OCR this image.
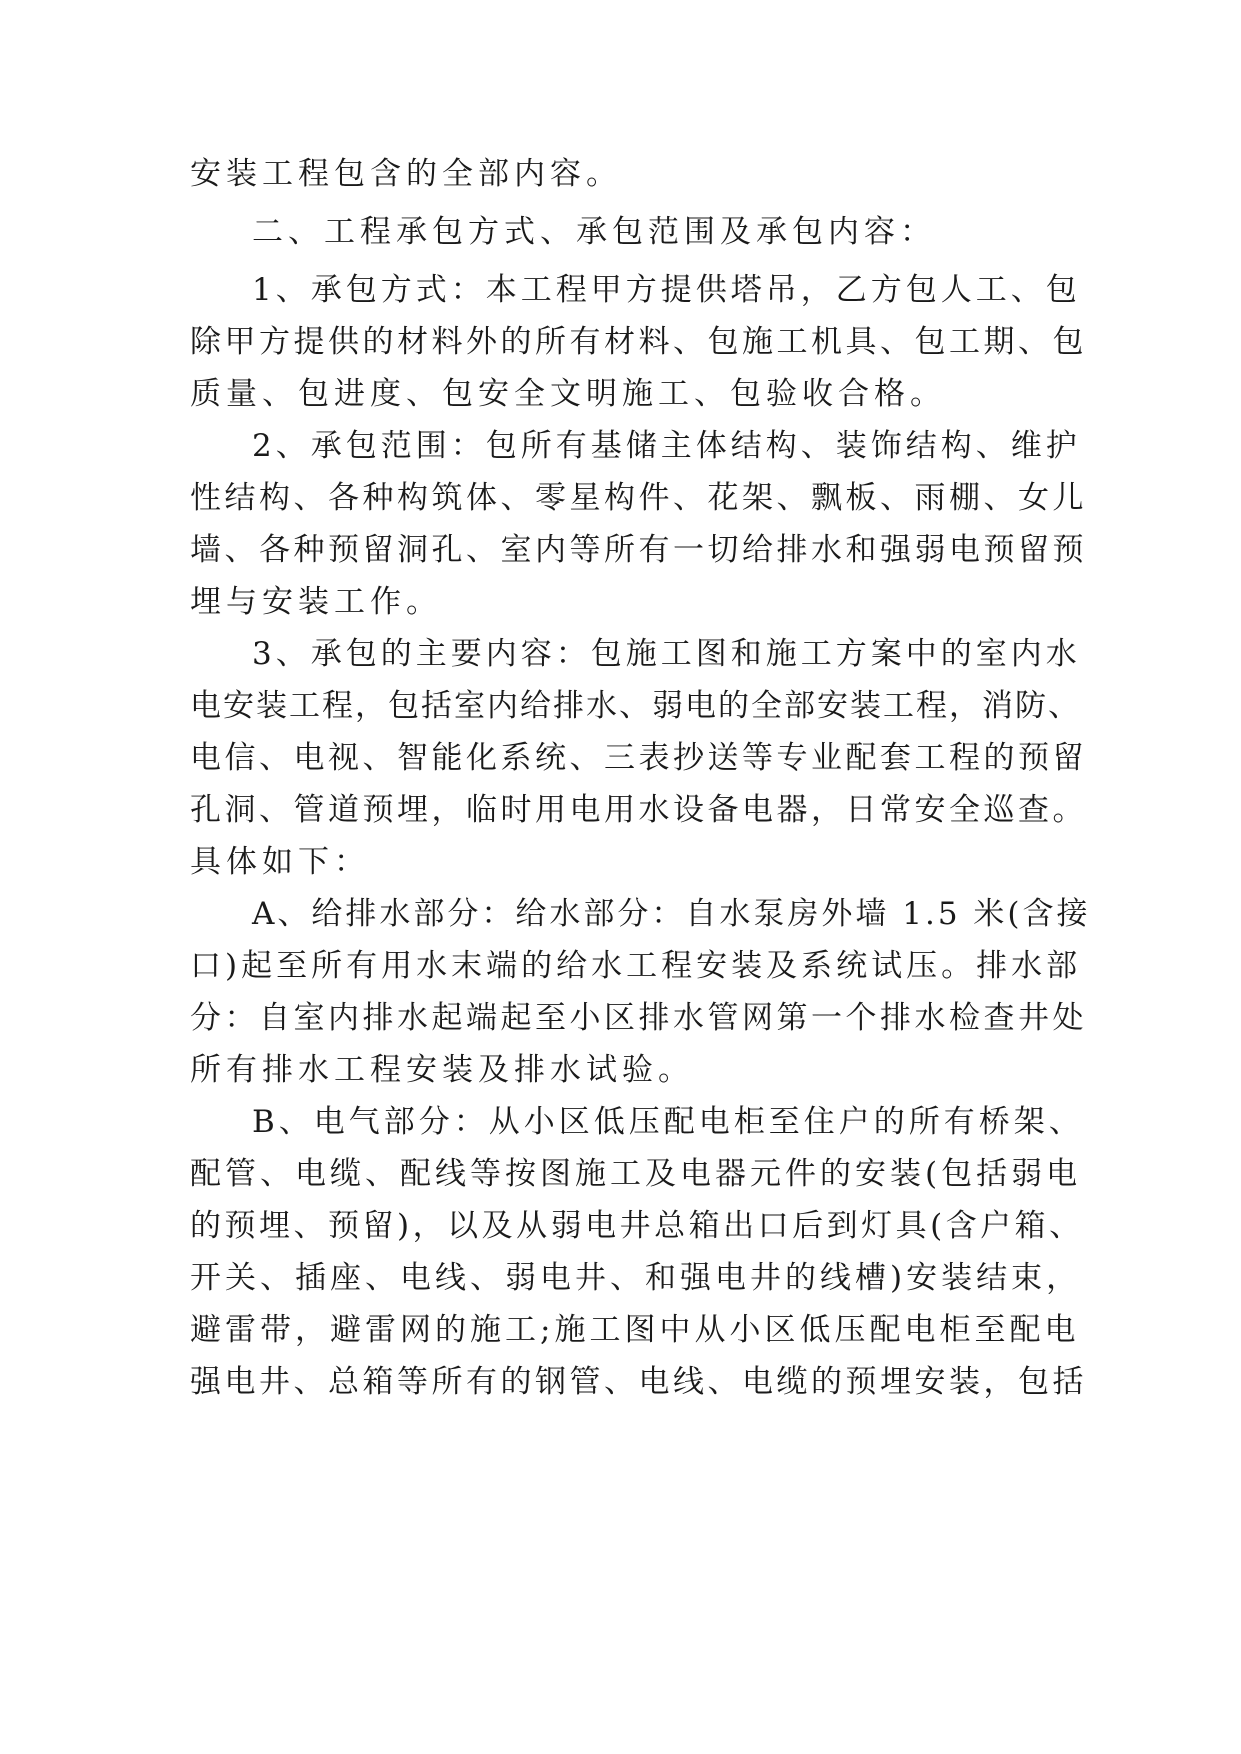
安装工程包含的全部内容。
二、工程承包方式、承包范围及承包内容：
1、承包方式：本工程甲方提供塔吊，乙方包人工、包
除甲方提供的材料外的所有材料、包施工机具、包工期、包
质量、包进度、包安全文明施工、包验收合格。
2、承包范围：包所有基储主体结构、装饰结构、维护
性结构、各种构筑体、零星构件、花架、飘板、雨棚、女儿
墙、各种预留洞孔、室内等所有一切给排水和强弱电预留预
埋与安装工作。
3、承包的主要内容：包施工图和施工方案中的室内水
电安装工程，包括室内给排水、弱电的全部安装工程，消防、
电信、电视、智能化系统、三表抄送等专业配套工程的预留
孔洞、管道预埋，临时用电用水设备电器，日常安全巡查。
具体如下：
A、给排水部分：给水部分：自水泵房外墙 1.5 米(含接
口)起至所有用水末端的给水工程安装及系统试压。排水部
分：自室内排水起端起至小区排水管网第一个排水检查井处
所有排水工程安装及排水试验。
B、电气部分：从小区低压配电柜至住户的所有桥架、
配管、电缆、配线等按图施工及电器元件的安装(包括弱电
的预埋、预留)，以及从弱电井总箱出口后到灯具(含户箱、
开关、插座、电线、弱电井、和强电井的线槽)安装结束，
避雷带，避雷网的施工;施工图中从小区低压配电柜至配电
强电井、总箱等所有的钢管、电线、电缆的预埋安装，包括
